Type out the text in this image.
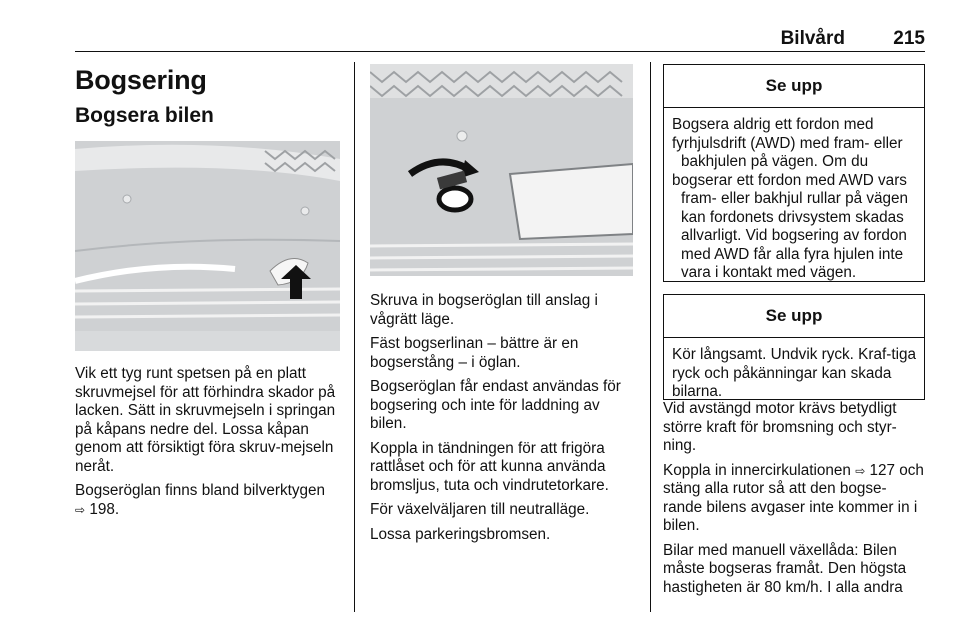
Bilvård	215
Bogsering
Bogsera bilen

Vik ett tyg runt spetsen på en platt skruvmejsel för att förhindra skador på lacken. Sätt in skruvmejseln i springan på kåpans nedre del. Lossa kåpan genom att försiktigt föra skruv-mejseln neråt.

Bogseröglan finns bland bilverktygen
⇨ 198.

Skruva in bogseröglan till anslag i vågrätt läge.

Fäst bogserlinan – bättre är en bogserstång – i öglan.

Bogseröglan får endast användas för bogsering och inte för laddning av bilen.

Koppla in tändningen för att frigöra rattlåset och för att kunna använda bromsljus, tuta och vindrutetorkare.

För växelväljaren till neutralläge.

Lossa parkeringsbromsen.

Se upp
Bogsera aldrig ett fordon med
fyrhjulsdrift (AWD) med fram- eller
bakhjulen på vägen. Om du
bogserar ett fordon med AWD vars
fram- eller bakhjul rullar på vägen
kan fordonets drivsystem skadas
allvarligt. Vid bogsering av fordon
med AWD får alla fyra hjulen inte
vara i kontakt med vägen.
Se upp
Kör långsamt. Undvik ryck. Kraf-tiga ryck och påkänningar kan skada bilarna.

Vid avstängd motor krävs betydligt större kraft för bromsning och styr-ning.

Koppla in innercirkulationen ⇨ 127 och stäng alla rutor så att den bogse-rande bilens avgaser inte kommer in i bilen.

Bilar med manuell växellåda: Bilen måste bogseras framåt. Den högsta hastigheten är 80 km/h. I alla andra
